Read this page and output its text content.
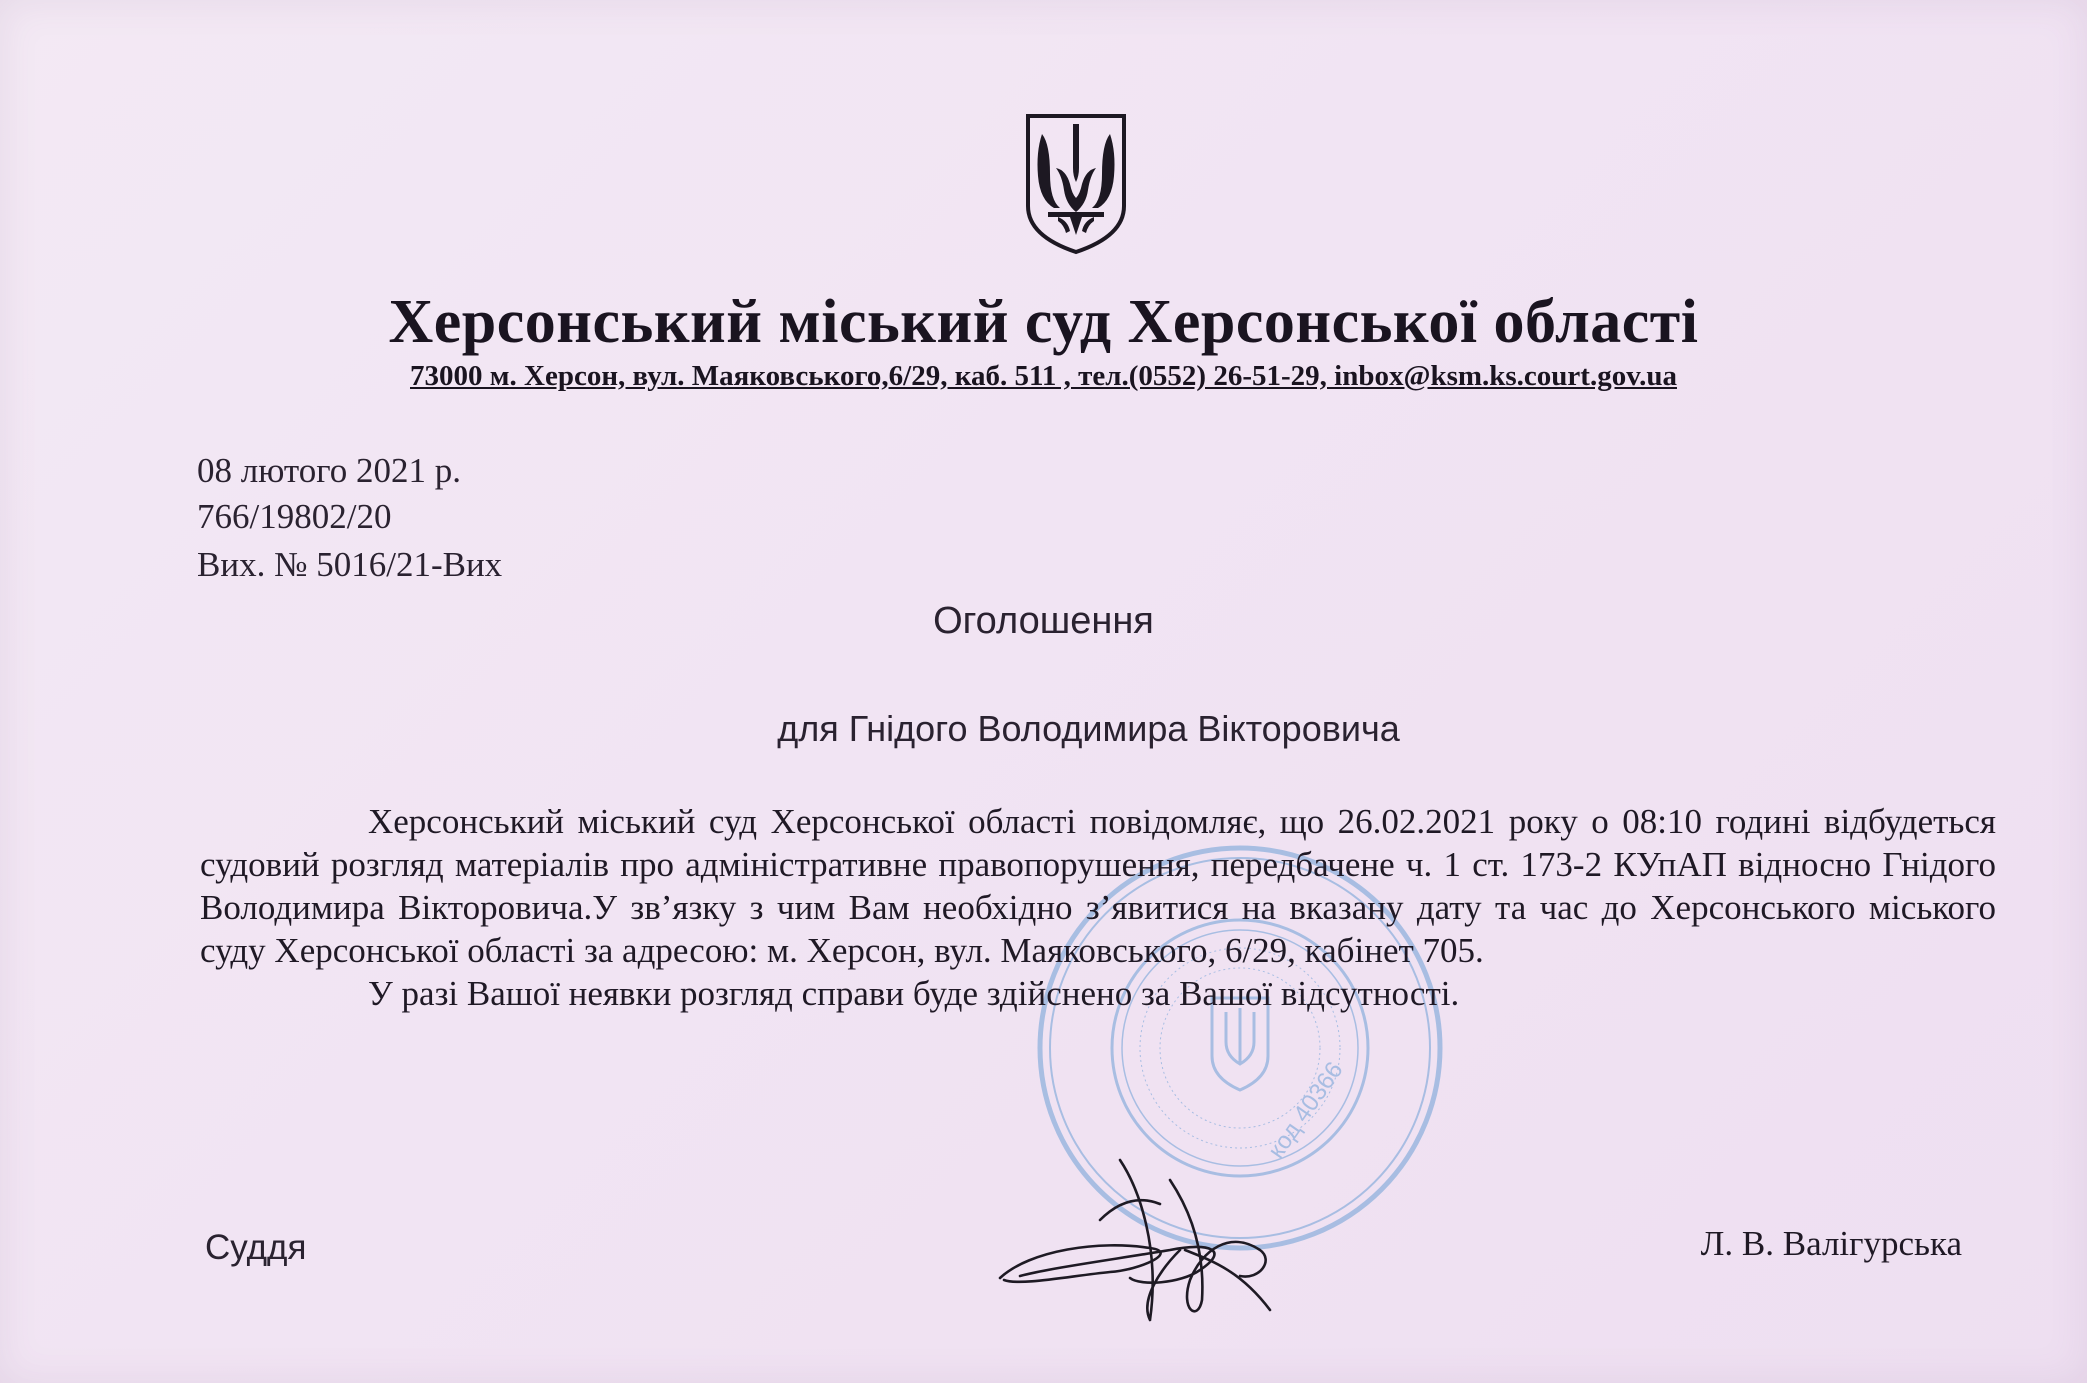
Херсонський міський суд Херсонської області
73000 м. Херсон, вул. Маяковського,6/29, каб. 511 , тел.(0552) 26-51-29, inbox@ksm.ks.court.gov.ua
08 лютого 2021 р.
766/19802/20
Вих. № 5016/21-Вих
Оголошення
для Гнідого Володимира Вікторовича
код 40366

Херсонський міський суд Херсонської області повідомляє, що 26.02.2021 року о 08:10 годині відбудеться судовий розгляд матеріалів про адміністративне правопорушення, передбачене ч. 1 ст. 173-2 КУпАП відносно Гнідого Володимира Вікторовича.У зв’язку з чим Вам необхідно з’явитися на вказану дату та час до Херсонського міського суду Херсонської області за адресою: м. Херсон, вул. Маяковського, 6/29, кабінет 705.

У разі Вашої неявки розгляд справи буде здійснено за Вашої відсутності.

Суддя	Л. В. Валігурська
